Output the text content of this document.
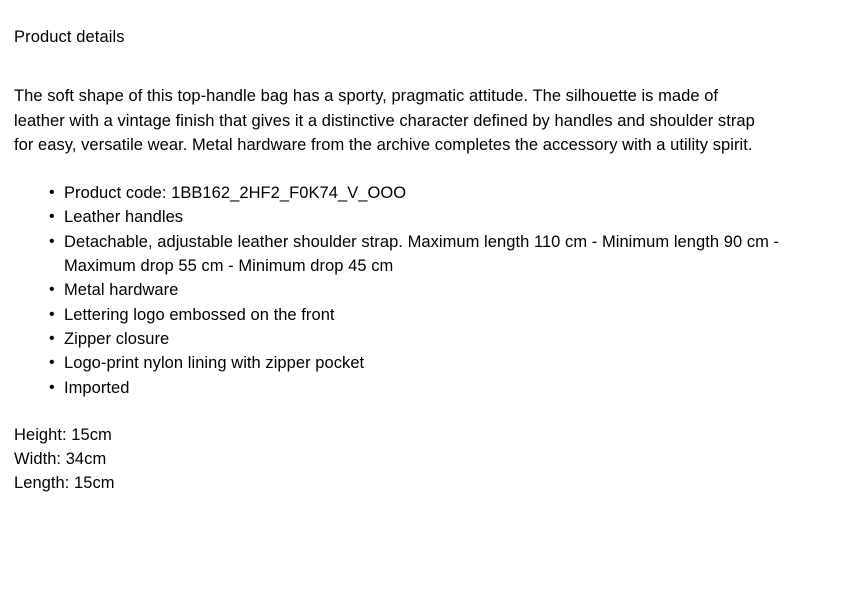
Product details

The soft shape of this top-handle bag has a sporty, pragmatic attitude. The silhouette is made of leather with a vintage finish that gives it a distinctive character defined by handles and shoulder strap for easy, versatile wear. Metal hardware from the archive completes the accessory with a utility spirit.

• Product code: 1BB162_2HF2_F0K74_V_OOO
• Leather handles
• Detachable, adjustable leather shoulder strap. Maximum length 110 cm - Minimum length 90 cm - Maximum drop 55 cm - Minimum drop 45 cm
• Metal hardware
• Lettering logo embossed on the front
• Zipper closure
• Logo-print nylon lining with zipper pocket
• Imported
Height: 15cm
Width: 34cm
Length: 15cm
